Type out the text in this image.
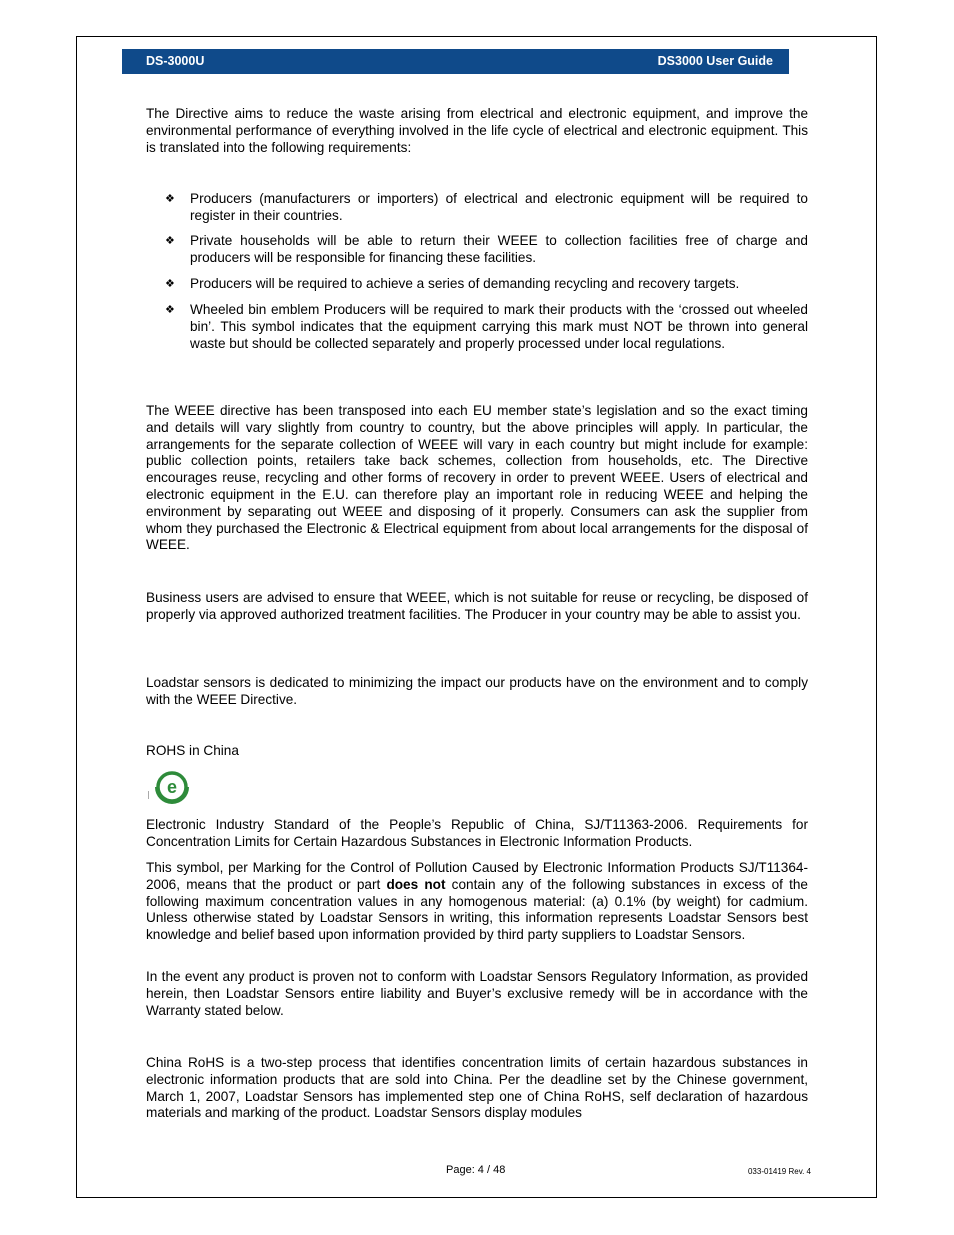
DS-3000U	DS3000 User Guide

The Directive aims to reduce the waste arising from electrical and electronic equipment, and improve the environmental performance of everything involved in the life cycle of electrical and electronic equipment. This is translated into the following requirements:

❖ Producers (manufacturers or importers) of electrical and electronic equipment will be required to register in their countries.
❖ Private households will be able to return their WEEE to collection facilities free of charge and producers will be responsible for financing these facilities.
❖ Producers will be required to achieve a series of demanding recycling and recovery targets.
❖ Wheeled bin emblem Producers will be required to mark their products with the ‘crossed out wheeled bin’. This symbol indicates that the equipment carrying this mark must NOT be thrown into general waste but should be collected separately and properly processed under local regulations.

The WEEE directive has been transposed into each EU member state’s legislation and so the exact timing and details will vary slightly from country to country, but the above principles will apply. In particular, the arrangements for the separate collection of WEEE will vary in each country but might include for example: public collection points, retailers take back schemes, collection from households, etc. The Directive encourages reuse, recycling and other forms of recovery in order to prevent WEEE. Users of electrical and electronic equipment in the E.U. can therefore play an important role in reducing WEEE and helping the environment by separating out WEEE and disposing of it properly. Consumers can ask the supplier from whom they purchased the Electronic & Electrical equipment from about local arrangements for the disposal of WEEE.

Business users are advised to ensure that WEEE, which is not suitable for reuse or recycling, be disposed of properly via approved authorized treatment facilities. The Producer in your country may be able to assist you.

Loadstar sensors is dedicated to minimizing the impact our products have on the environment and to comply with the WEEE Directive.

ROHS in China

e

Electronic Industry Standard of the People’s Republic of China, SJ/T11363-2006. Requirements for Concentration Limits for Certain Hazardous Substances in Electronic Information Products.

This symbol, per Marking for the Control of Pollution Caused by Electronic Information Products SJ/T11364-2006, means that the product or part does not contain any of the following substances in excess of the following maximum concentration values in any homogenous material: (a) 0.1% (by weight) for cadmium. Unless otherwise stated by Loadstar Sensors in writing, this information represents Loadstar Sensors best knowledge and belief based upon information provided by third party suppliers to Loadstar Sensors.

In the event any product is proven not to conform with Loadstar Sensors Regulatory Information, as provided herein, then Loadstar Sensors entire liability and Buyer’s exclusive remedy will be in accordance with the Warranty stated below.

China RoHS is a two-step process that identifies concentration limits of certain hazardous substances in electronic information products that are sold into China. Per the deadline set by the Chinese government, March 1, 2007, Loadstar Sensors has implemented step one of China RoHS, self declaration of hazardous materials and marking of the product. Loadstar Sensors display modules

Page: 4 / 48	033-01419 Rev. 4
